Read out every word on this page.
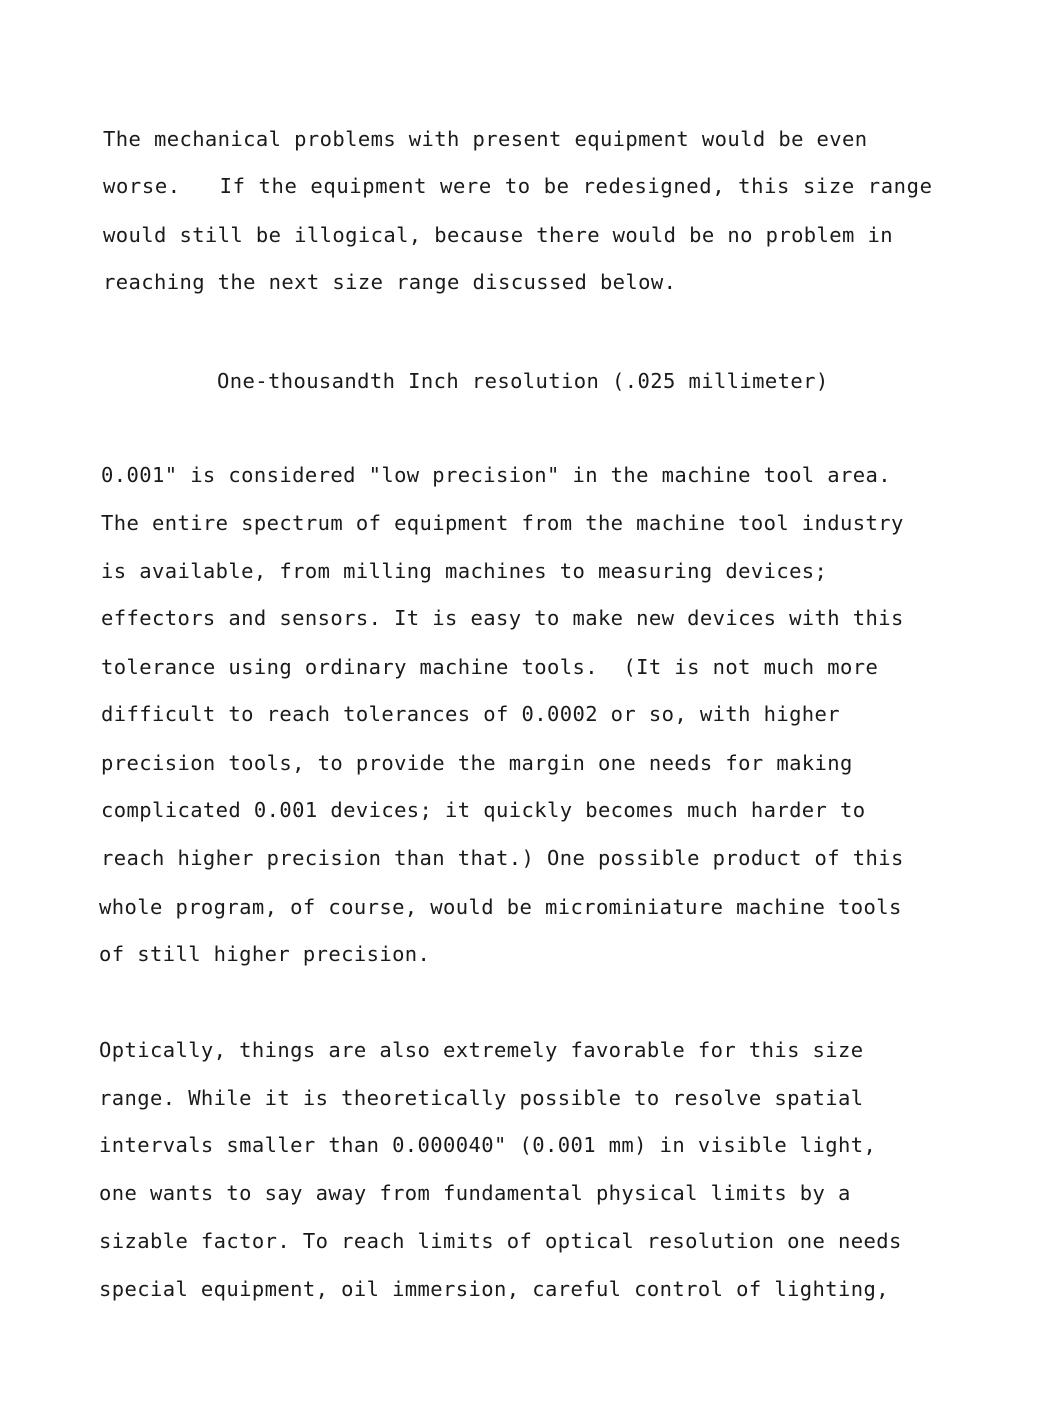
The mechanical problems with present equipment would be even
worse.   If the equipment were to be redesigned, this size range
would still be illogical, because there would be no problem in
reaching the next size range discussed below.
One-thousandth Inch resolution (.025 millimeter)
0.001" is considered "low precision" in the machine tool area.
The entire spectrum of equipment from the machine tool industry
is available, from milling machines to measuring devices;
effectors and sensors. It is easy to make new devices with this
tolerance using ordinary machine tools.  (It is not much more
difficult to reach tolerances of 0.0002 or so, with higher
precision tools, to provide the margin one needs for making
complicated 0.001 devices; it quickly becomes much harder to
reach higher precision than that.) One possible product of this
whole program, of course, would be microminiature machine tools
of still higher precision.
Optically, things are also extremely favorable for this size
range. While it is theoretically possible to resolve spatial
intervals smaller than 0.000040" (0.001 mm) in visible light,
one wants to say away from fundamental physical limits by a
sizable factor. To reach limits of optical resolution one needs
special equipment, oil immersion, careful control of lighting,
